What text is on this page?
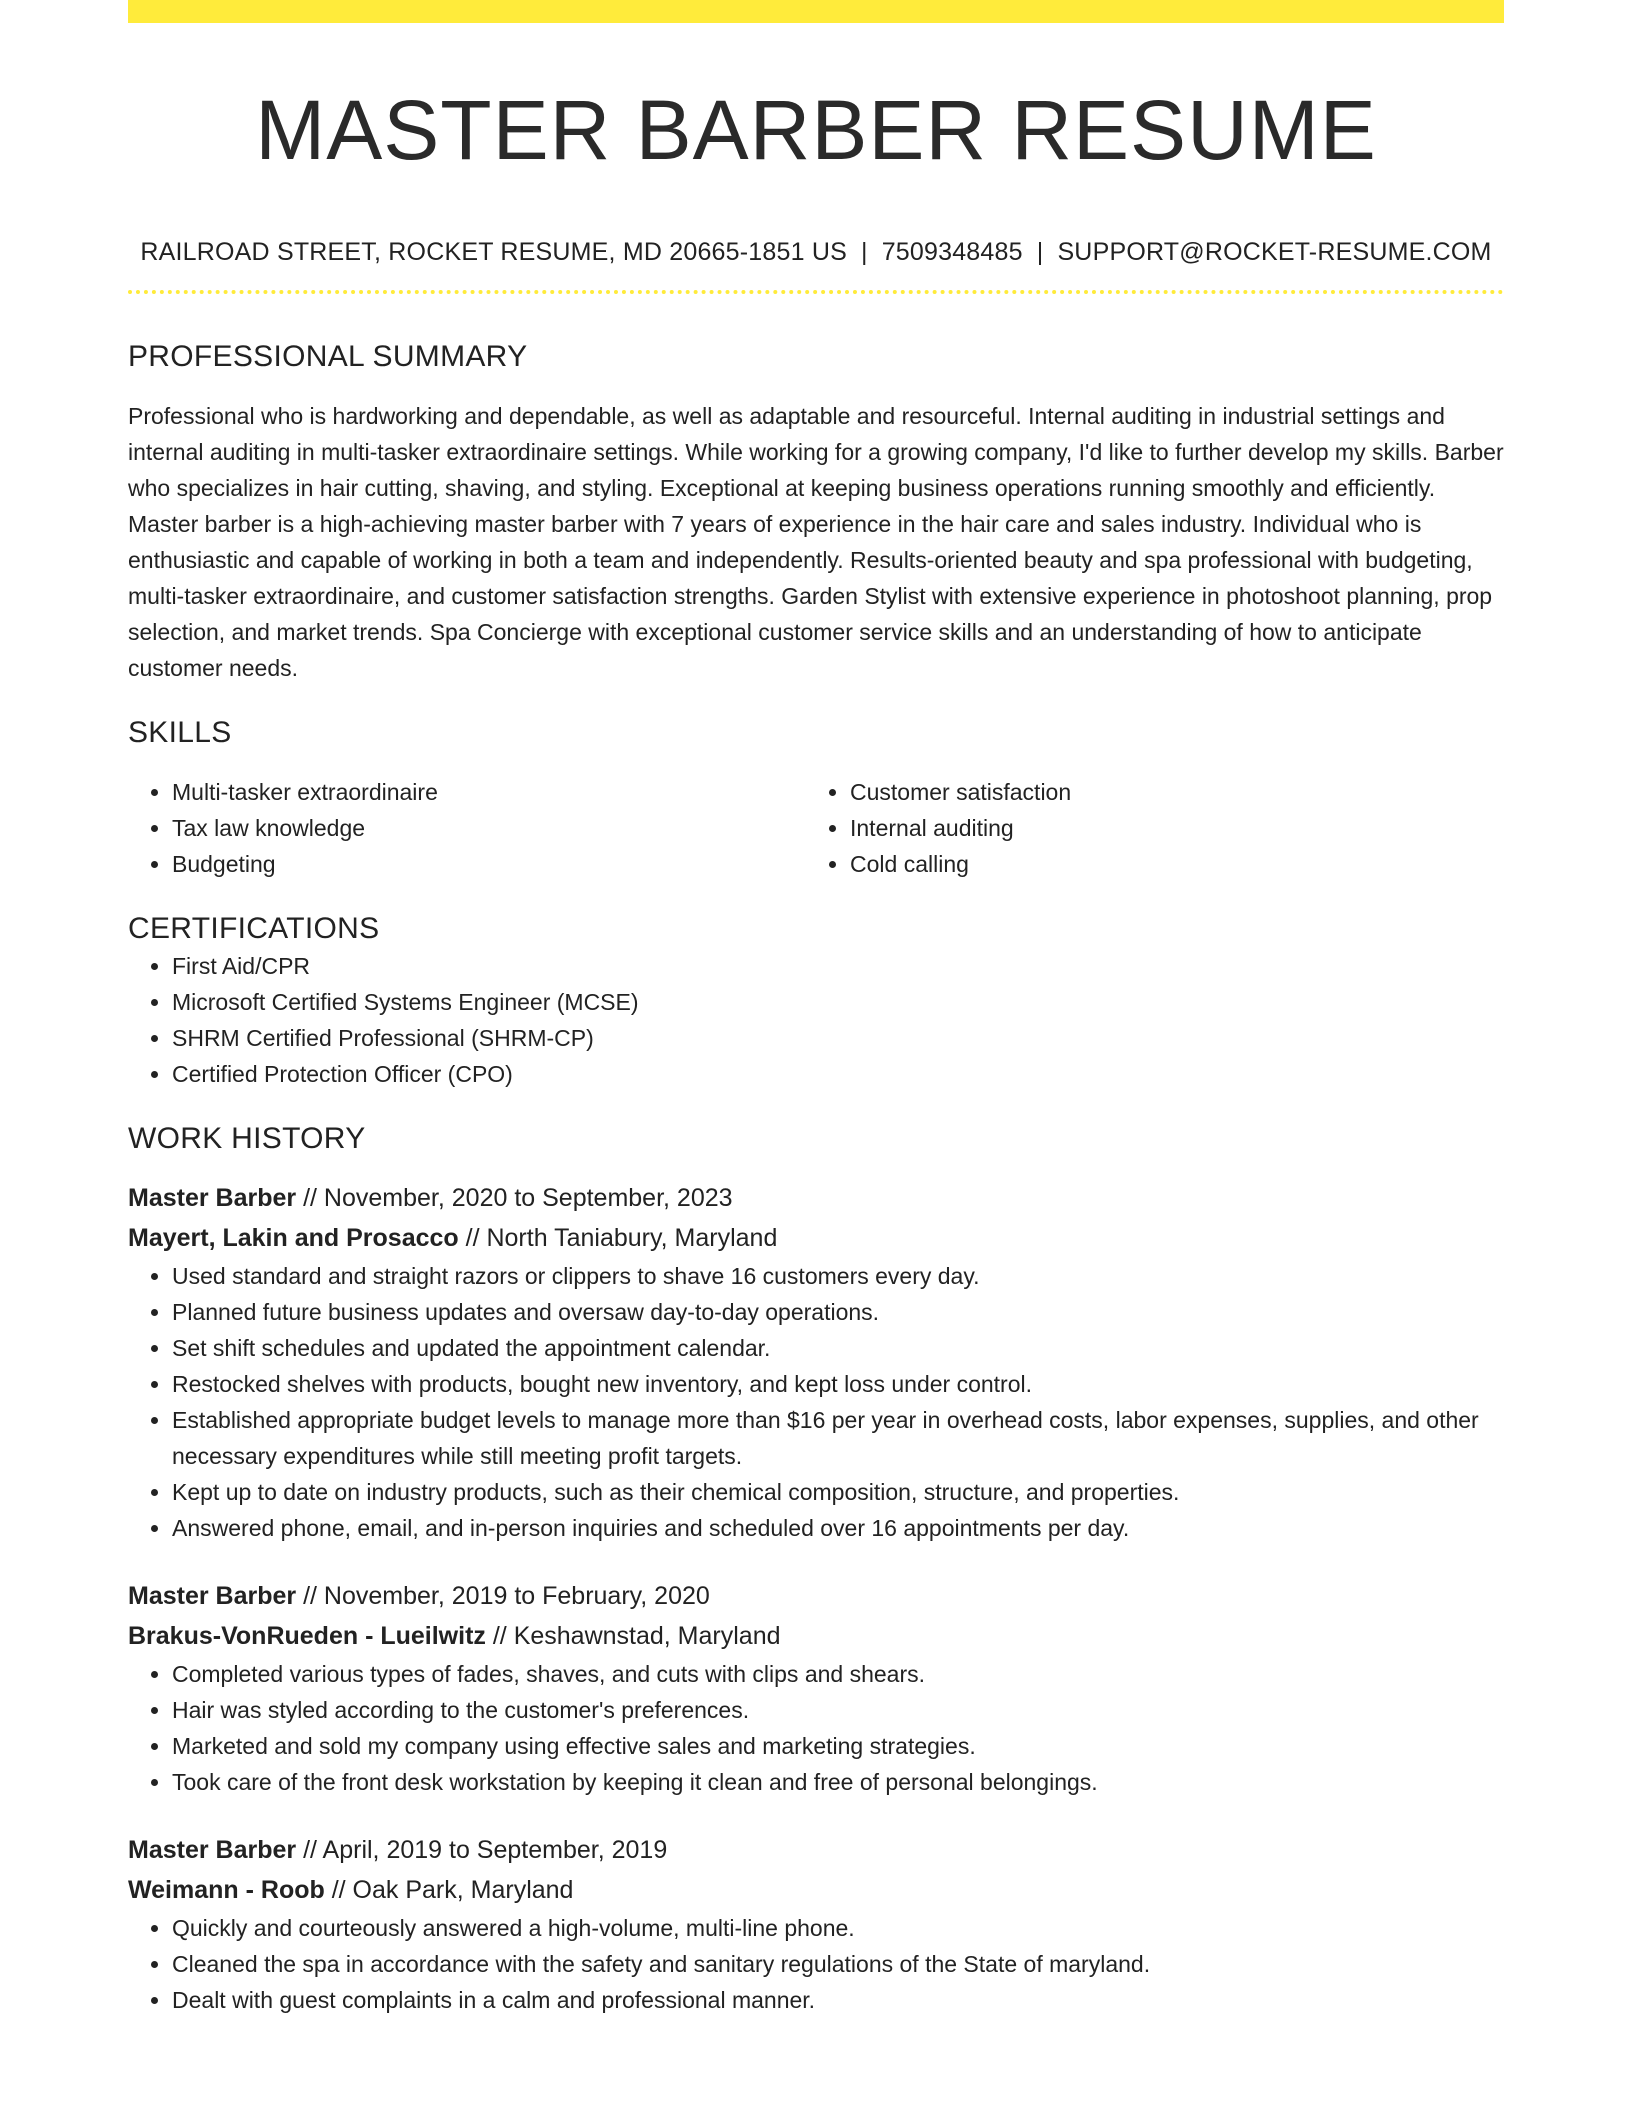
MASTER BARBER RESUME
RAILROAD STREET, ROCKET RESUME, MD 20665-1851 US | 7509348485 | SUPPORT@ROCKET-RESUME.COM
PROFESSIONAL SUMMARY
Professional who is hardworking and dependable, as well as adaptable and resourceful. Internal auditing in industrial settings and internal auditing in multi-tasker extraordinaire settings. While working for a growing company, I'd like to further develop my skills. Barber who specializes in hair cutting, shaving, and styling. Exceptional at keeping business operations running smoothly and efficiently. Master barber is a high-achieving master barber with 7 years of experience in the hair care and sales industry. Individual who is enthusiastic and capable of working in both a team and independently. Results-oriented beauty and spa professional with budgeting, multi-tasker extraordinaire, and customer satisfaction strengths. Garden Stylist with extensive experience in photoshoot planning, prop selection, and market trends. Spa Concierge with exceptional customer service skills and an understanding of how to anticipate customer needs.
SKILLS
• Multi-tasker extraordinaire
• Tax law knowledge
• Budgeting
• Customer satisfaction
• Internal auditing
• Cold calling
CERTIFICATIONS
• First Aid/CPR
• Microsoft Certified Systems Engineer (MCSE)
• SHRM Certified Professional (SHRM-CP)
• Certified Protection Officer (CPO)
WORK HISTORY
Master Barber // November, 2020 to September, 2023
Mayert, Lakin and Prosacco // North Taniabury, Maryland
• Used standard and straight razors or clippers to shave 16 customers every day.
• Planned future business updates and oversaw day-to-day operations.
• Set shift schedules and updated the appointment calendar.
• Restocked shelves with products, bought new inventory, and kept loss under control.
• Established appropriate budget levels to manage more than $16 per year in overhead costs, labor expenses, supplies, and other necessary expenditures while still meeting profit targets.
• Kept up to date on industry products, such as their chemical composition, structure, and properties.
• Answered phone, email, and in-person inquiries and scheduled over 16 appointments per day.
Master Barber // November, 2019 to February, 2020
Brakus-VonRueden - Lueilwitz // Keshawnstad, Maryland
• Completed various types of fades, shaves, and cuts with clips and shears.
• Hair was styled according to the customer's preferences.
• Marketed and sold my company using effective sales and marketing strategies.
• Took care of the front desk workstation by keeping it clean and free of personal belongings.
Master Barber // April, 2019 to September, 2019
Weimann - Roob // Oak Park, Maryland
• Quickly and courteously answered a high-volume, multi-line phone.
• Cleaned the spa in accordance with the safety and sanitary regulations of the State of maryland.
• Dealt with guest complaints in a calm and professional manner.
